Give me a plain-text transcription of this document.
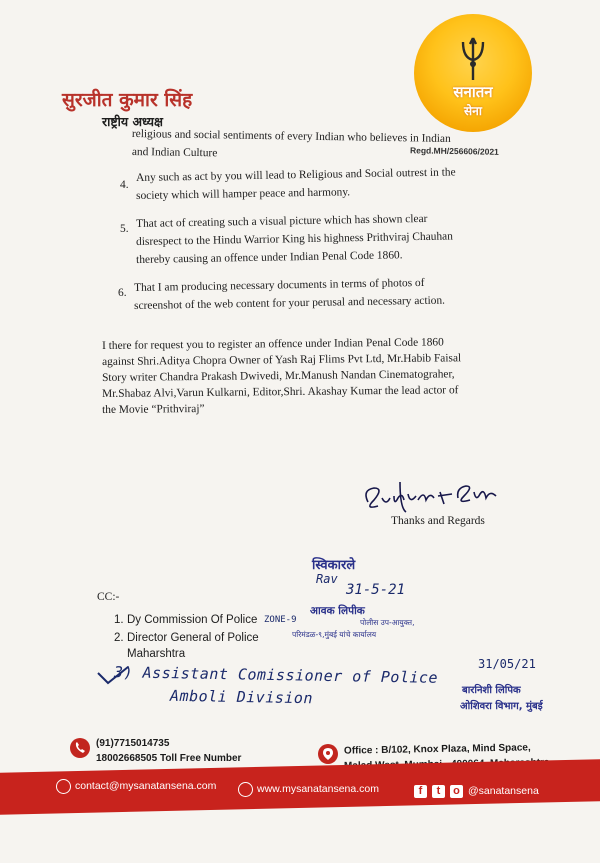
सुरजीत कुमार सिंह
राष्ट्रीय अध्यक्ष
सनातन
सेना
Regd.MH/256606/2021
religious and social sentiments of every Indian who believes in Indian
and Indian Culture
4.
Any such as act by you will lead to Religious and Social outrest in the
society which will hamper peace and harmony.
5. That act of creating such a visual picture which has shown clear
disrespect to the Hindu Warrior King his highness Prithviraj Chauhan
thereby causing an offence under Indian Penal Code 1860.
6. That I am producing necessary documents in terms of photos of
screenshot of the web content for your perusal and necessary action.
I there for request you to register an offence under Indian Penal Code 1860
against Shri.Aditya Chopra Owner of Yash Raj Flims Pvt Ltd, Mr.Habib Faisal
Story writer Chandra Prakash Dwivedi, Mr.Manush Nandan Cinematograher,
Mr.Shabaz Alvi,Varun Kulkarni, Editor,Shri. Akashay Kumar the lead actor of
the Movie “Prithviraj”
Thanks and Regards
CC:-
1. Dy Commission Of Police ZONE-9
2. Director General of Police
Maharshtra
3) Assistant Comissioner of Police
Amboli Division
स्विकारले
Rav
31-5-21
आवक लिपीक
पोलीस उप-आयुक्त,
परिमंडळ-९,मुंबई यांचे कार्यालय
31/05/21
बारनिशी लिपिक
ओशिवरा विभाग, मुंबई
(91)7715014735
18002668505 Toll Free Number
Office : B/102, Knox Plaza, Mind Space,
contact@mysanatansena.com	www.mysanatansena.com	f	t	o @sanatansena
